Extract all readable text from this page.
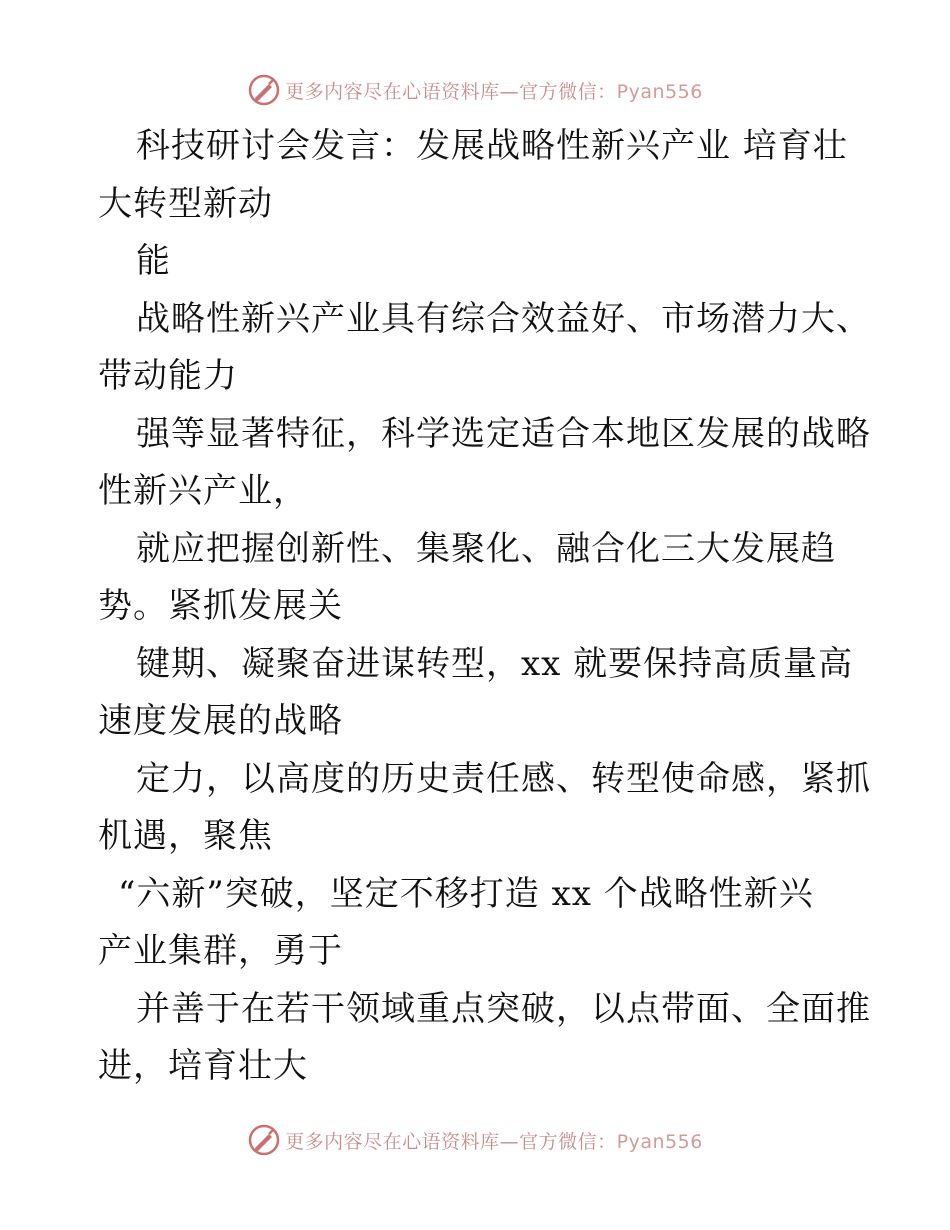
更多内容尽在心语资料库—官方微信：Pyan556
科技研讨会发言：发展战略性新兴产业 培育壮
大转型新动
能
战略性新兴产业具有综合效益好、市场潜力大、
带动能力
强等显著特征，科学选定适合本地区发展的战略
性新兴产业，
就应把握创新性、集聚化、融合化三大发展趋
势。紧抓发展关
键期、凝聚奋进谋转型，xx 就要保持高质量高
速度发展的战略
定力，以高度的历史责任感、转型使命感，紧抓
机遇，聚焦
“六新”突破，坚定不移打造 xx 个战略性新兴
产业集群，勇于
并善于在若干领域重点突破，以点带面、全面推
进，培育壮大
更多内容尽在心语资料库—官方微信：Pyan556
